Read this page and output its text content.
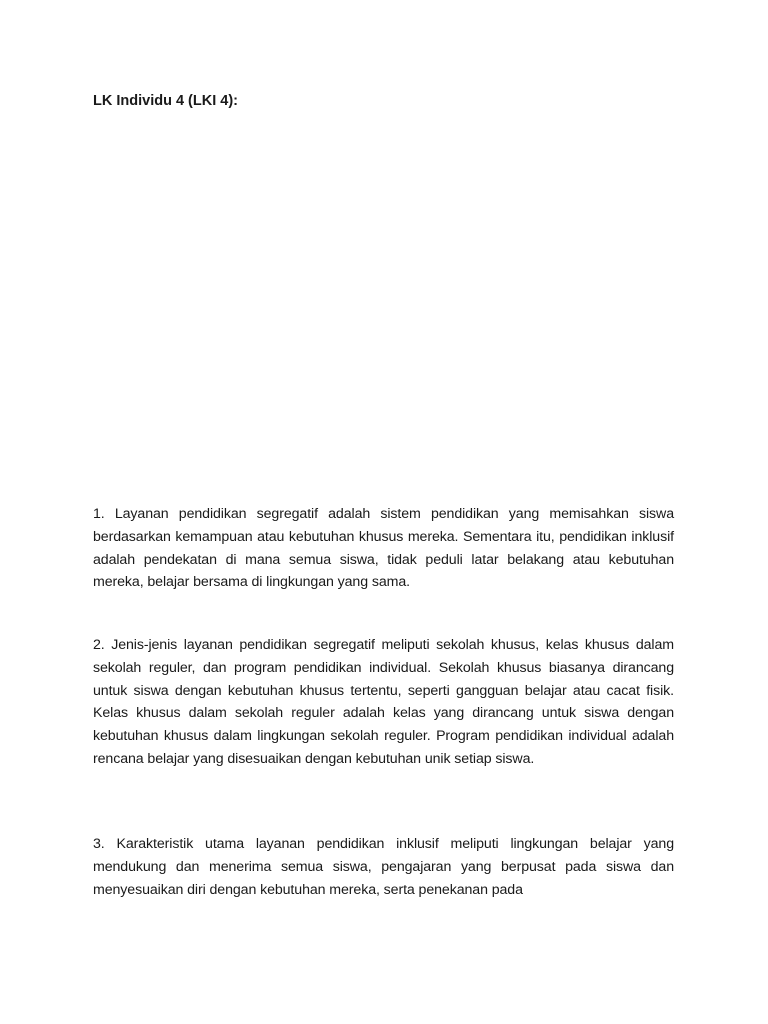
LK Individu 4 (LKI 4):

1. Layanan pendidikan segregatif adalah sistem pendidikan yang memisahkan siswa berdasarkan kemampuan atau kebutuhan khusus mereka. Sementara itu, pendidikan inklusif adalah pendekatan di mana semua siswa, tidak peduli latar belakang atau kebutuhan mereka, belajar bersama di lingkungan yang sama.

2. Jenis-jenis layanan pendidikan segregatif meliputi sekolah khusus, kelas khusus dalam sekolah reguler, dan program pendidikan individual. Sekolah khusus biasanya dirancang untuk siswa dengan kebutuhan khusus tertentu, seperti gangguan belajar atau cacat fisik. Kelas khusus dalam sekolah reguler adalah kelas yang dirancang untuk siswa dengan kebutuhan khusus dalam lingkungan sekolah reguler. Program pendidikan individual adalah rencana belajar yang disesuaikan dengan kebutuhan unik setiap siswa.

3. Karakteristik utama layanan pendidikan inklusif meliputi lingkungan belajar yang mendukung dan menerima semua siswa, pengajaran yang berpusat pada siswa dan menyesuaikan diri dengan kebutuhan mereka, serta penekanan pada
